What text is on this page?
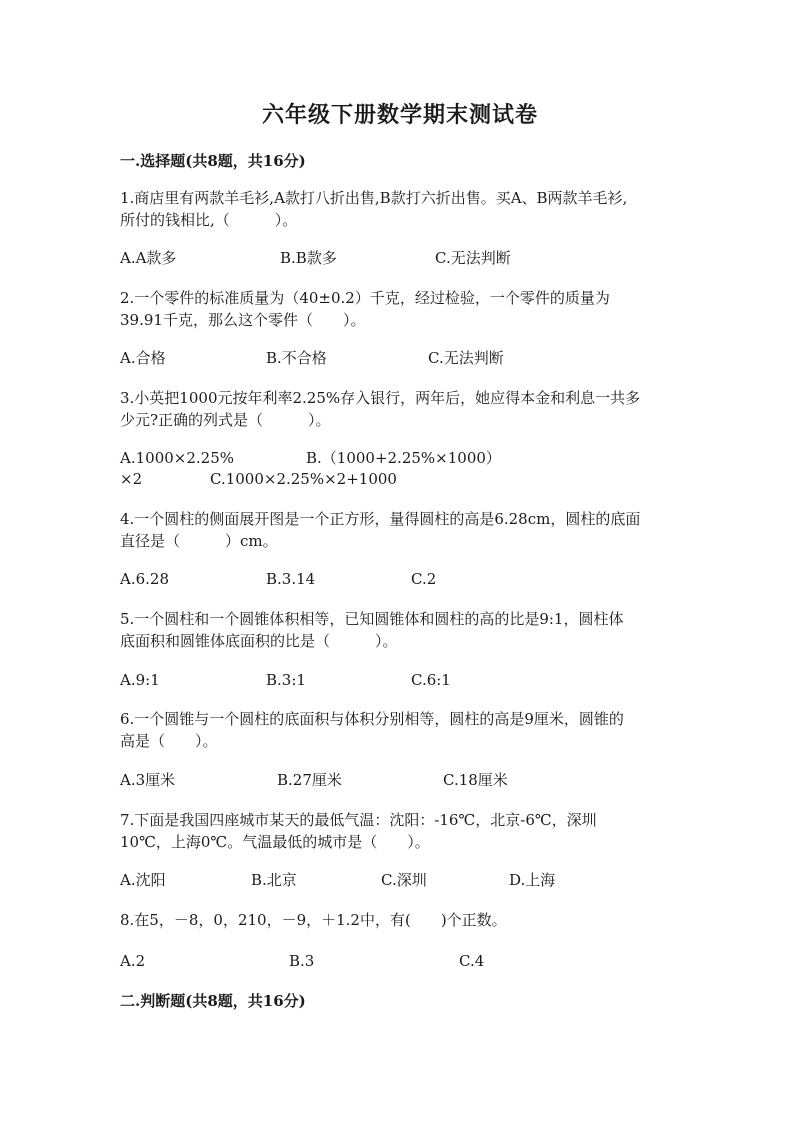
六年级下册数学期末测试卷
一.选择题(共8题，共16分)
1.商店里有两款羊毛衫,A款打八折出售,B款打六折出售。买A、B两款羊毛衫,
所付的钱相比,（　　　）。
A.A款多	B.B款多	C.无法判断
2.一个零件的标准质量为（40±0.2）千克，经过检验，一个零件的质量为
39.91千克，那么这个零件（　　）。
A.合格	B.不合格	C.无法判断
3.小英把1000元按年利率2.25%存入银行，两年后，她应得本金和利息一共多
少元?正确的列式是（　　　）。
A.1000×2.25%	B.（1000+2.25%×1000）
×2	C.1000×2.25%×2+1000
4.一个圆柱的侧面展开图是一个正方形，量得圆柱的高是6.28cm，圆柱的底面
直径是（　　　）cm。
A.6.28	B.3.14	C.2
5.一个圆柱和一个圆锥体积相等，已知圆锥体和圆柱的高的比是9:1，圆柱体
底面积和圆锥体底面积的比是（　　　）。
A.9:1	B.3:1	C.6:1
6.一个圆锥与一个圆柱的底面积与体积分别相等，圆柱的高是9厘米，圆锥的
高是（　　）。
A.3厘米	B.27厘米	C.18厘米
7.下面是我国四座城市某天的最低气温：沈阳：-16℃，北京-6℃，深圳
10℃，上海0℃。气温最低的城市是（　　）。
A.沈阳	B.北京	C.深圳	D.上海
8.在5，－8，0，210，－9，＋1.2中，有(　　)个正数。
A.2	B.3	C.4
二.判断题(共8题，共16分)
